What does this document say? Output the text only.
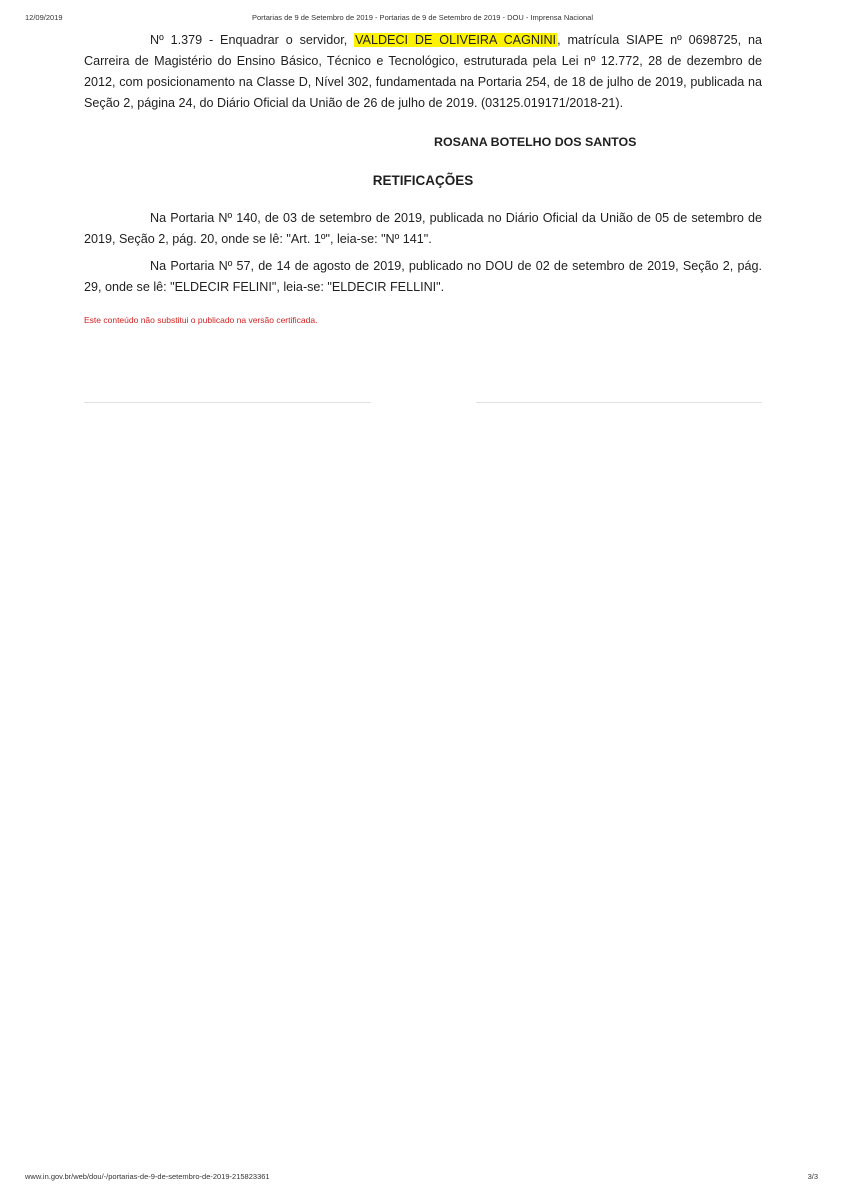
12/09/2019	Portarias de 9 de Setembro de 2019 - Portarias de 9 de Setembro de 2019 - DOU - Imprensa Nacional

Nº 1.379 - Enquadrar o servidor, VALDECI DE OLIVEIRA CAGNINI, matrícula SIAPE nº 0698725, na Carreira de Magistério do Ensino Básico, Técnico e Tecnológico, estruturada pela Lei nº 12.772, 28 de dezembro de 2012, com posicionamento na Classe D, Nível 302, fundamentada na Portaria 254, de 18 de julho de 2019, publicada na Seção 2, página 24, do Diário Oficial da União de 26 de julho de 2019. (03125.019171/2018-21).

ROSANA BOTELHO DOS SANTOS

RETIFICAÇÕES

Na Portaria Nº 140, de 03 de setembro de 2019, publicada no Diário Oficial da União de 05 de setembro de 2019, Seção 2, pág. 20, onde se lê: "Art. 1º", leia-se: "Nº 141".

Na Portaria Nº 57, de 14 de agosto de 2019, publicado no DOU de 02 de setembro de 2019, Seção 2, pág. 29, onde se lê: "ELDECIR FELINI", leia-se: "ELDECIR FELLINI".

Este conteúdo não substitui o publicado na versão certificada.

www.in.gov.br/web/dou/-/portarias-de-9-de-setembro-de-2019-215823361	3/3
